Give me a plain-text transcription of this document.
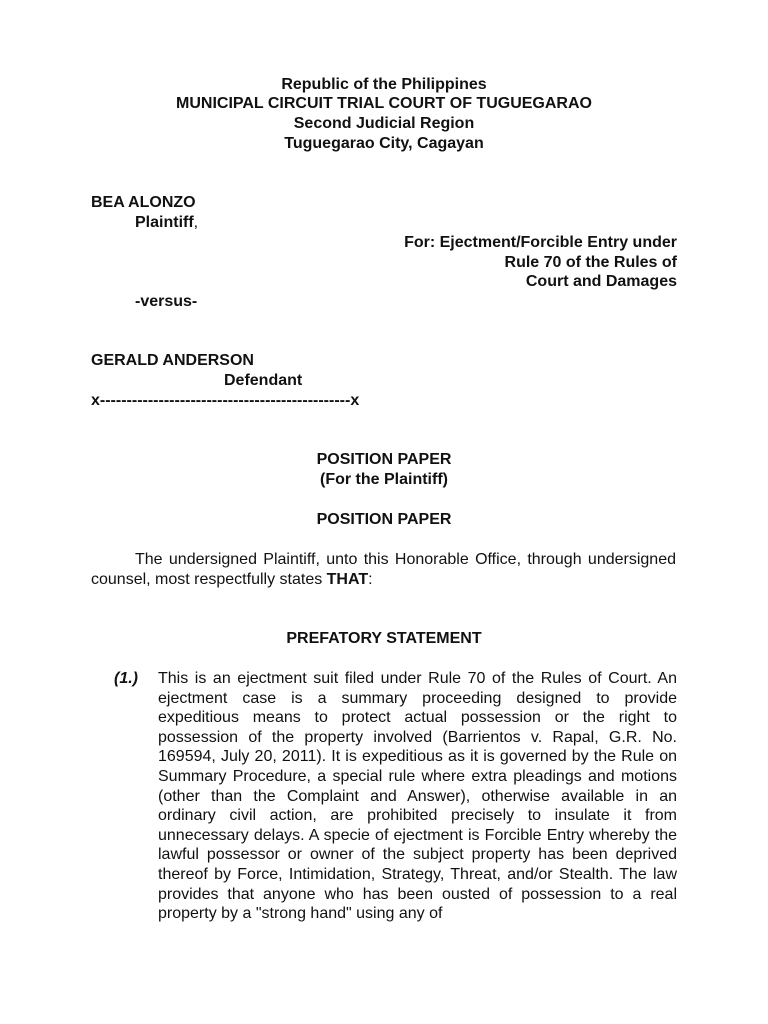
Republic of the Philippines
MUNICIPAL CIRCUIT TRIAL COURT OF TUGUEGARAO
Second Judicial Region
Tuguegarao City, Cagayan
BEA ALONZO
Plaintiff,
For: Ejectment/Forcible Entry under
Rule 70 of the Rules of
Court and Damages
-versus-
GERALD ANDERSON
Defendant
x-----------------------------------------------x
POSITION PAPER
(For the Plaintiff)
POSITION PAPER
The undersigned Plaintiff, unto this Honorable Office, through undersigned counsel, most respectfully states THAT:
PREFATORY STATEMENT
(1.) This is an ejectment suit filed under Rule 70 of the Rules of Court. An ejectment case is a summary proceeding designed to provide expeditious means to protect actual possession or the right to possession of the property involved (Barrientos v. Rapal, G.R. No. 169594, July 20, 2011). It is expeditious as it is governed by the Rule on Summary Procedure, a special rule where extra pleadings and motions (other than the Complaint and Answer), otherwise available in an ordinary civil action, are prohibited precisely to insulate it from unnecessary delays. A specie of ejectment is Forcible Entry whereby the lawful possessor or owner of the subject property has been deprived thereof by Force, Intimidation, Strategy, Threat, and/or Stealth. The law provides that anyone who has been ousted of possession to a real property by a "strong hand" using any of
